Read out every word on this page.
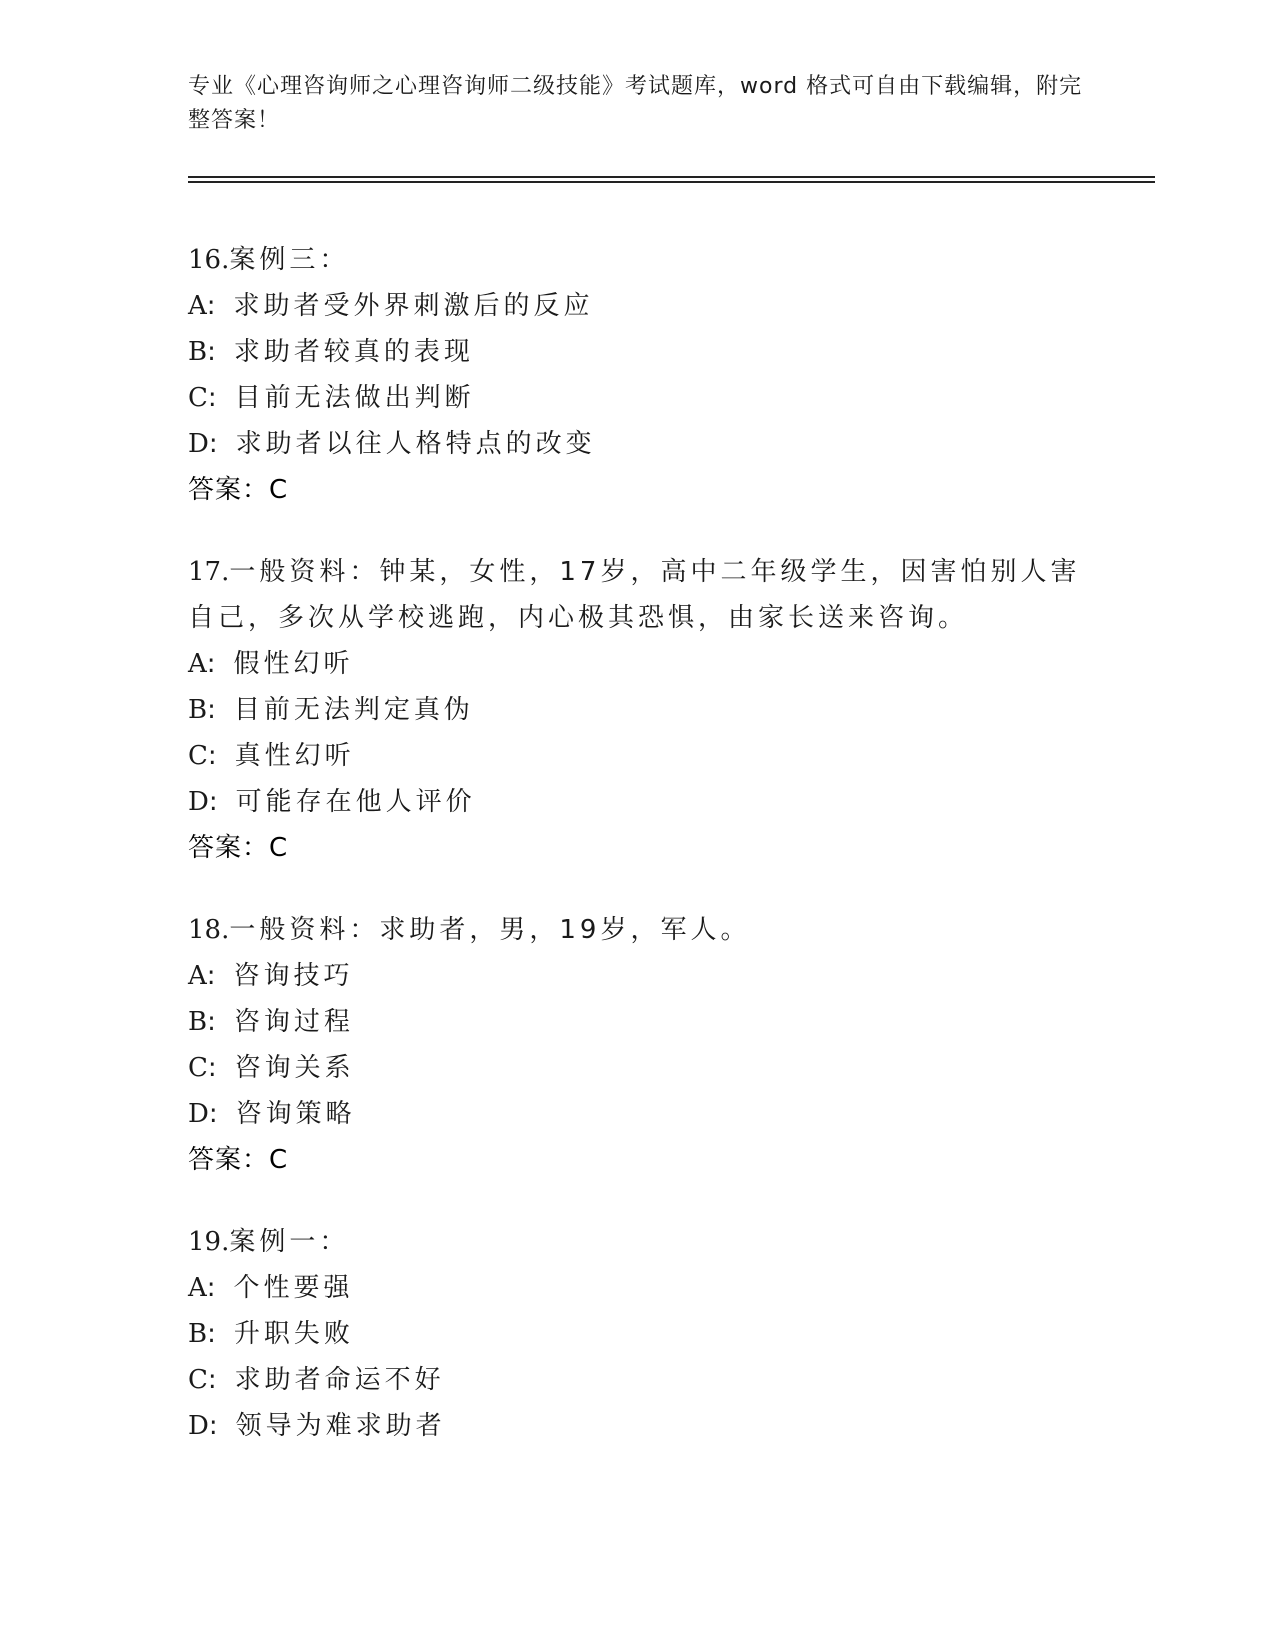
专业《心理咨询师之心理咨询师二级技能》考试题库，word 格式可自由下载编辑，附完整答案！
16.案例三：
A: 求助者受外界刺激后的反应
B: 求助者较真的表现
C: 目前无法做出判断
D: 求助者以往人格特点的改变
答案：C
17.一般资料：钟某，女性，17岁，高中二年级学生，因害怕别人害自己，多次从学校逃跑，内心极其恐惧，由家长送来咨询。
A: 假性幻听
B: 目前无法判定真伪
C: 真性幻听
D: 可能存在他人评价
答案：C
18.一般资料：求助者，男，19岁，军人。
A: 咨询技巧
B: 咨询过程
C: 咨询关系
D: 咨询策略
答案：C
19.案例一：
A: 个性要强
B: 升职失败
C: 求助者命运不好
D: 领导为难求助者
